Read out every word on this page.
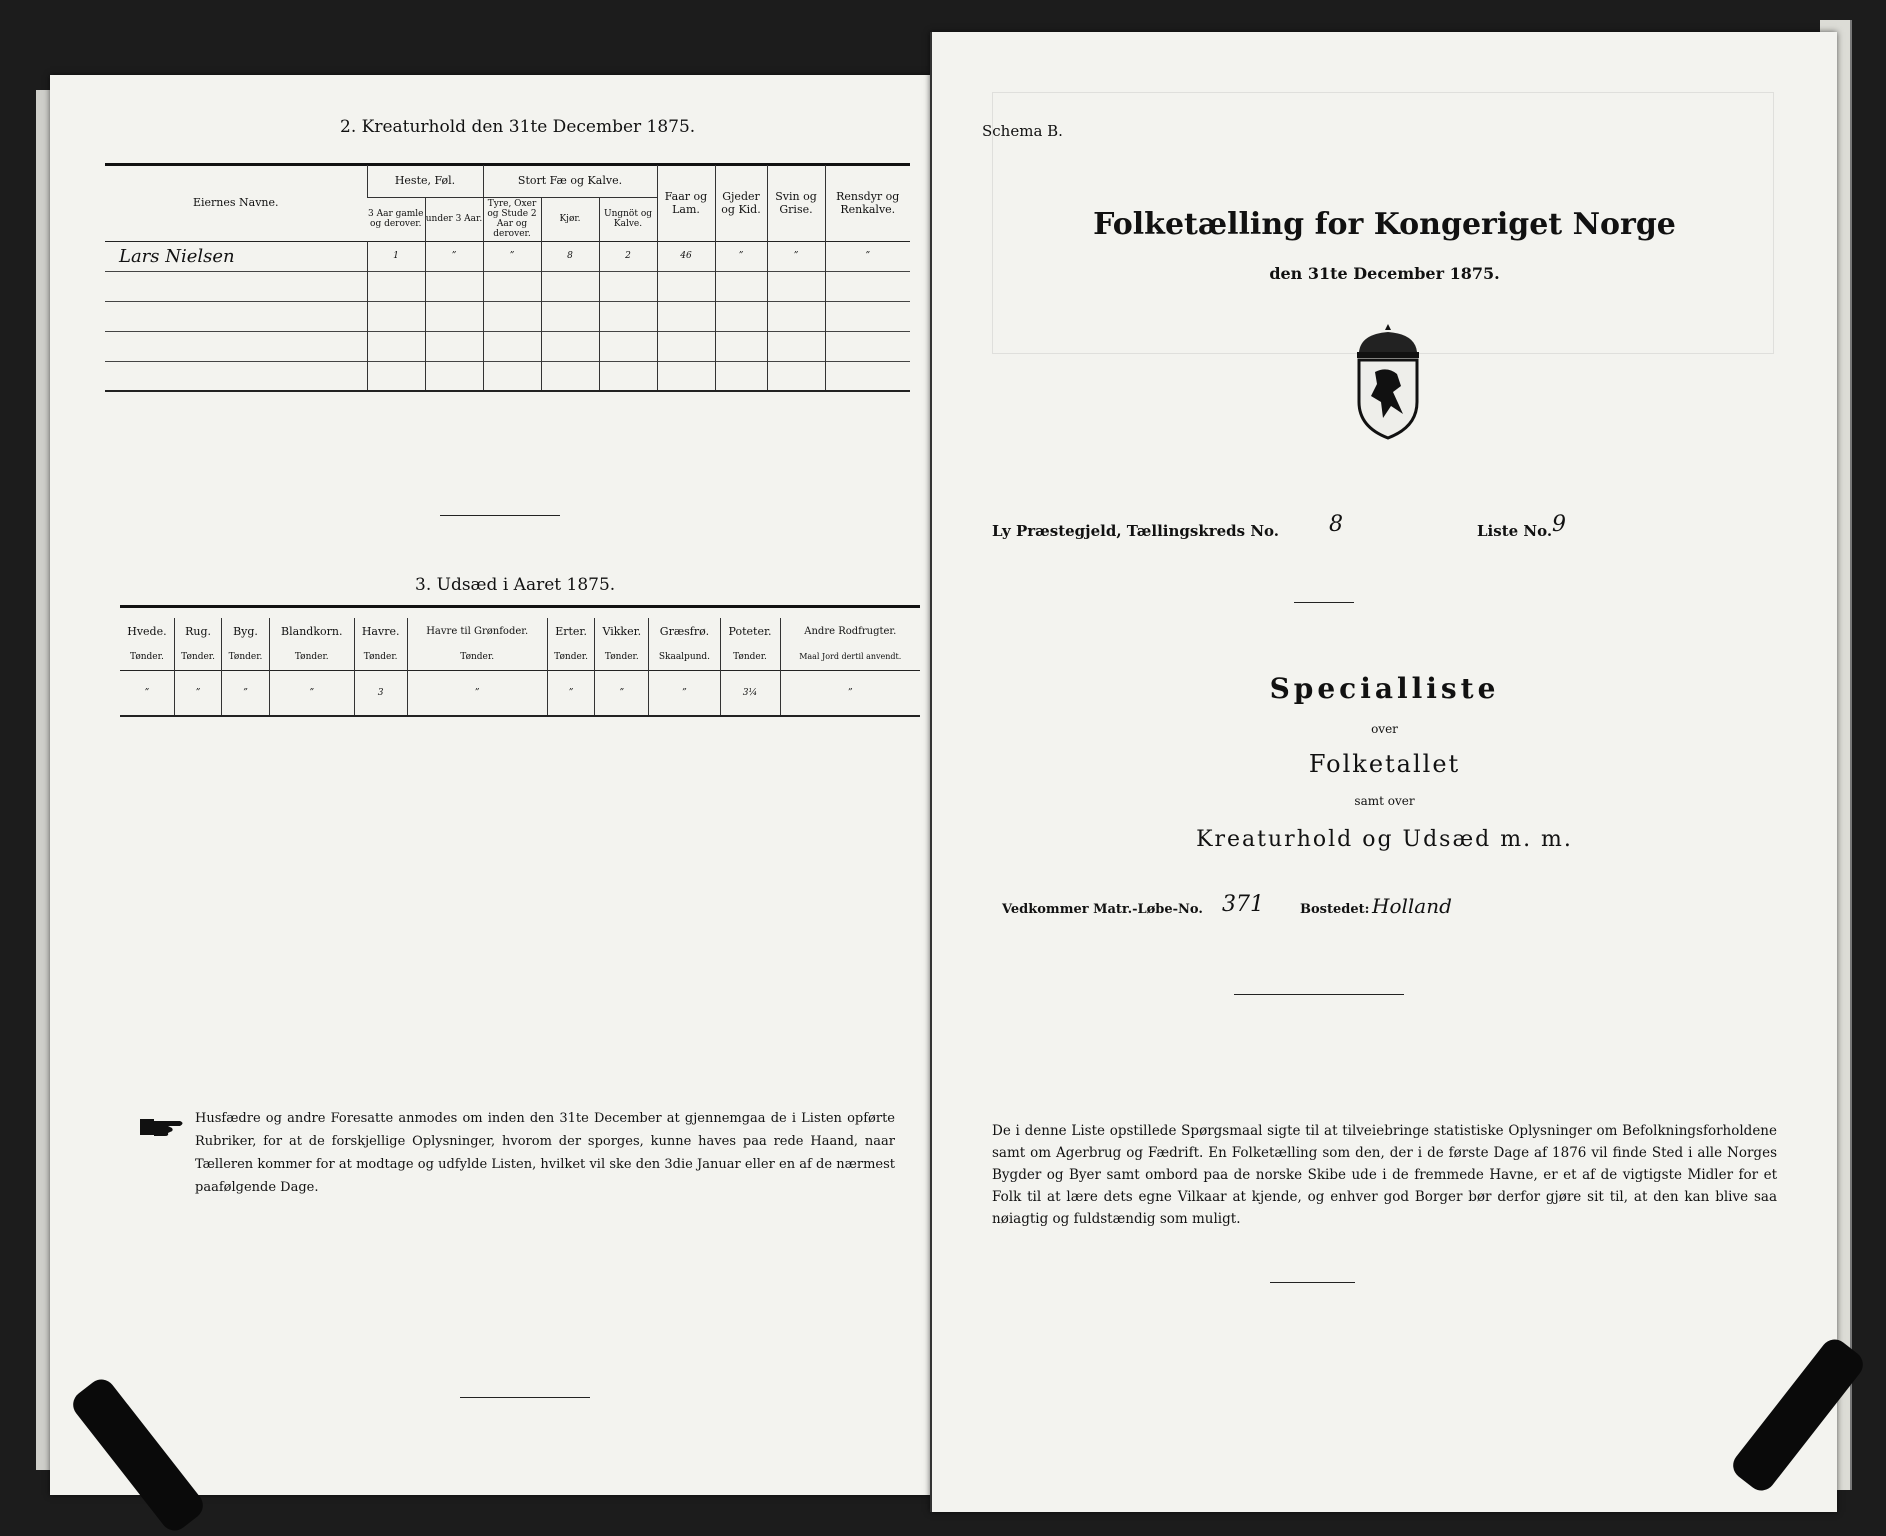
2. Kreaturhold den 31te December 1875.
Eiernes Navne.	Heste, Føl.		Stort Fæ og Kalve.			Faar og Lam.	Gjeder og Kid.	Svin og Grise.	Rensdyr og Renkalve.
	3 Aar gamle og derover.	under 3 Aar.	Tyre, Oxer og Stude 2 Aar og derover.	Kjør.	Ungnöt og Kalve.				
Lars Nielsen	1	”	”	8	2	46	”	”	”

3. Udsæd i Aaret 1875.
Hvede.	Rug.	Byg.	Blandkorn.	Havre.	Havre til Grønfoder.	Erter.	Vikker.	Græsfrø.	Poteter.	Andre Rodfrugter.
Tønder.	Tønder.	Tønder.	Tønder.	Tønder.	Tønder.	Tønder.	Tønder.	Skaalpund.	Tønder.	Maal Jord dertil anvendt.
”	”	”	”	3	”	”	”	”	3¼	”
Husfædre og andre Foresatte anmodes om inden den 31te December at gjennemgaa de i Listen opførte Rubriker, for at de forskjellige Oplysninger, hvorom der sporges, kunne haves paa rede Haand, naar Tælleren kommer for at modtage og udfylde Listen, hvilket vil ske den 3die Januar eller en af de nærmest paafølgende Dage.
Schema B.
Folketælling for Kongeriget Norge
den 31te December 1875.
Ly Præstegjeld, Tællingskreds No. 8	Liste No. 9
Specialliste
over
Folketallet
samt over
Kreaturhold og Udsæd m. m.
Vedkommer Matr.-Løbe-No. 371	Bostedet: Holland
De i denne Liste opstillede Spørgsmaal sigte til at tilveiebringe statistiske Oplysninger om Befolkningsforholdene samt om Agerbrug og Fædrift. En Folketælling som den, der i de første Dage af 1876 vil finde Sted i alle Norges Bygder og Byer samt ombord paa de norske Skibe ude i de fremmede Havne, er et af de vigtigste Midler for et Folk til at lære dets egne Vilkaar at kjende, og enhver god Borger bør derfor gjøre sit til, at den kan blive saa nøiagtig og fuldstændig som muligt.
